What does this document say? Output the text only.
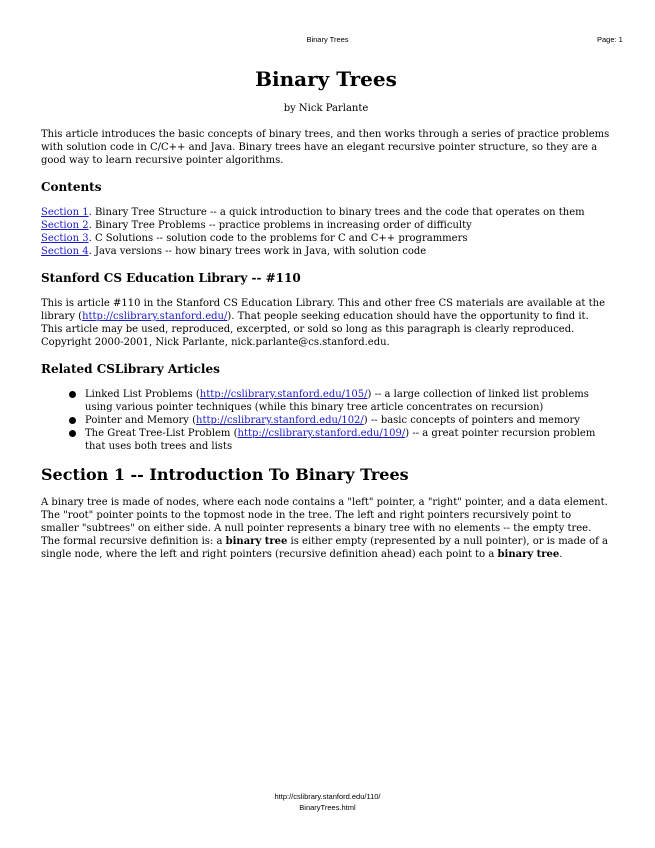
Binary Trees	Page: 1
Binary Trees
by Nick Parlante

This article introduces the basic concepts of binary trees, and then works through a series of practice problems with solution code in C/C++ and Java. Binary trees have an elegant recursive pointer structure, so they are a good way to learn recursive pointer algorithms.

Contents
Section 1. Binary Tree Structure -- a quick introduction to binary trees and the code that operates on them
Section 2. Binary Tree Problems -- practice problems in increasing order of difficulty
Section 3. C Solutions -- solution code to the problems for C and C++ programmers
Section 4. Java versions -- how binary trees work in Java, with solution code
Stanford CS Education Library -- #110

This is article #110 in the Stanford CS Education Library. This and other free CS materials are available at the library (http://cslibrary.stanford.edu/). That people seeking education should have the opportunity to find it. This article may be used, reproduced, excerpted, or sold so long as this paragraph is clearly reproduced. Copyright 2000-2001, Nick Parlante, nick.parlante@cs.stanford.edu.

Related CSLibrary Articles
Linked List Problems (http://cslibrary.stanford.edu/105/) -- a large collection of linked list problems using various pointer techniques (while this binary tree article concentrates on recursion)
Pointer and Memory (http://cslibrary.stanford.edu/102/) -- basic concepts of pointers and memory
The Great Tree-List Problem (http://cslibrary.stanford.edu/109/) -- a great pointer recursion problem that uses both trees and lists
Section 1 -- Introduction To Binary Trees

A binary tree is made of nodes, where each node contains a "left" pointer, a "right" pointer, and a data element. The "root" pointer points to the topmost node in the tree. The left and right pointers recursively point to smaller "subtrees" on either side. A null pointer represents a binary tree with no elements -- the empty tree. The formal recursive definition is: a binary tree is either empty (represented by a null pointer), or is made of a single node, where the left and right pointers (recursive definition ahead) each point to a binary tree.

http://cslibrary.stanford.edu/110/
BinaryTrees.html
